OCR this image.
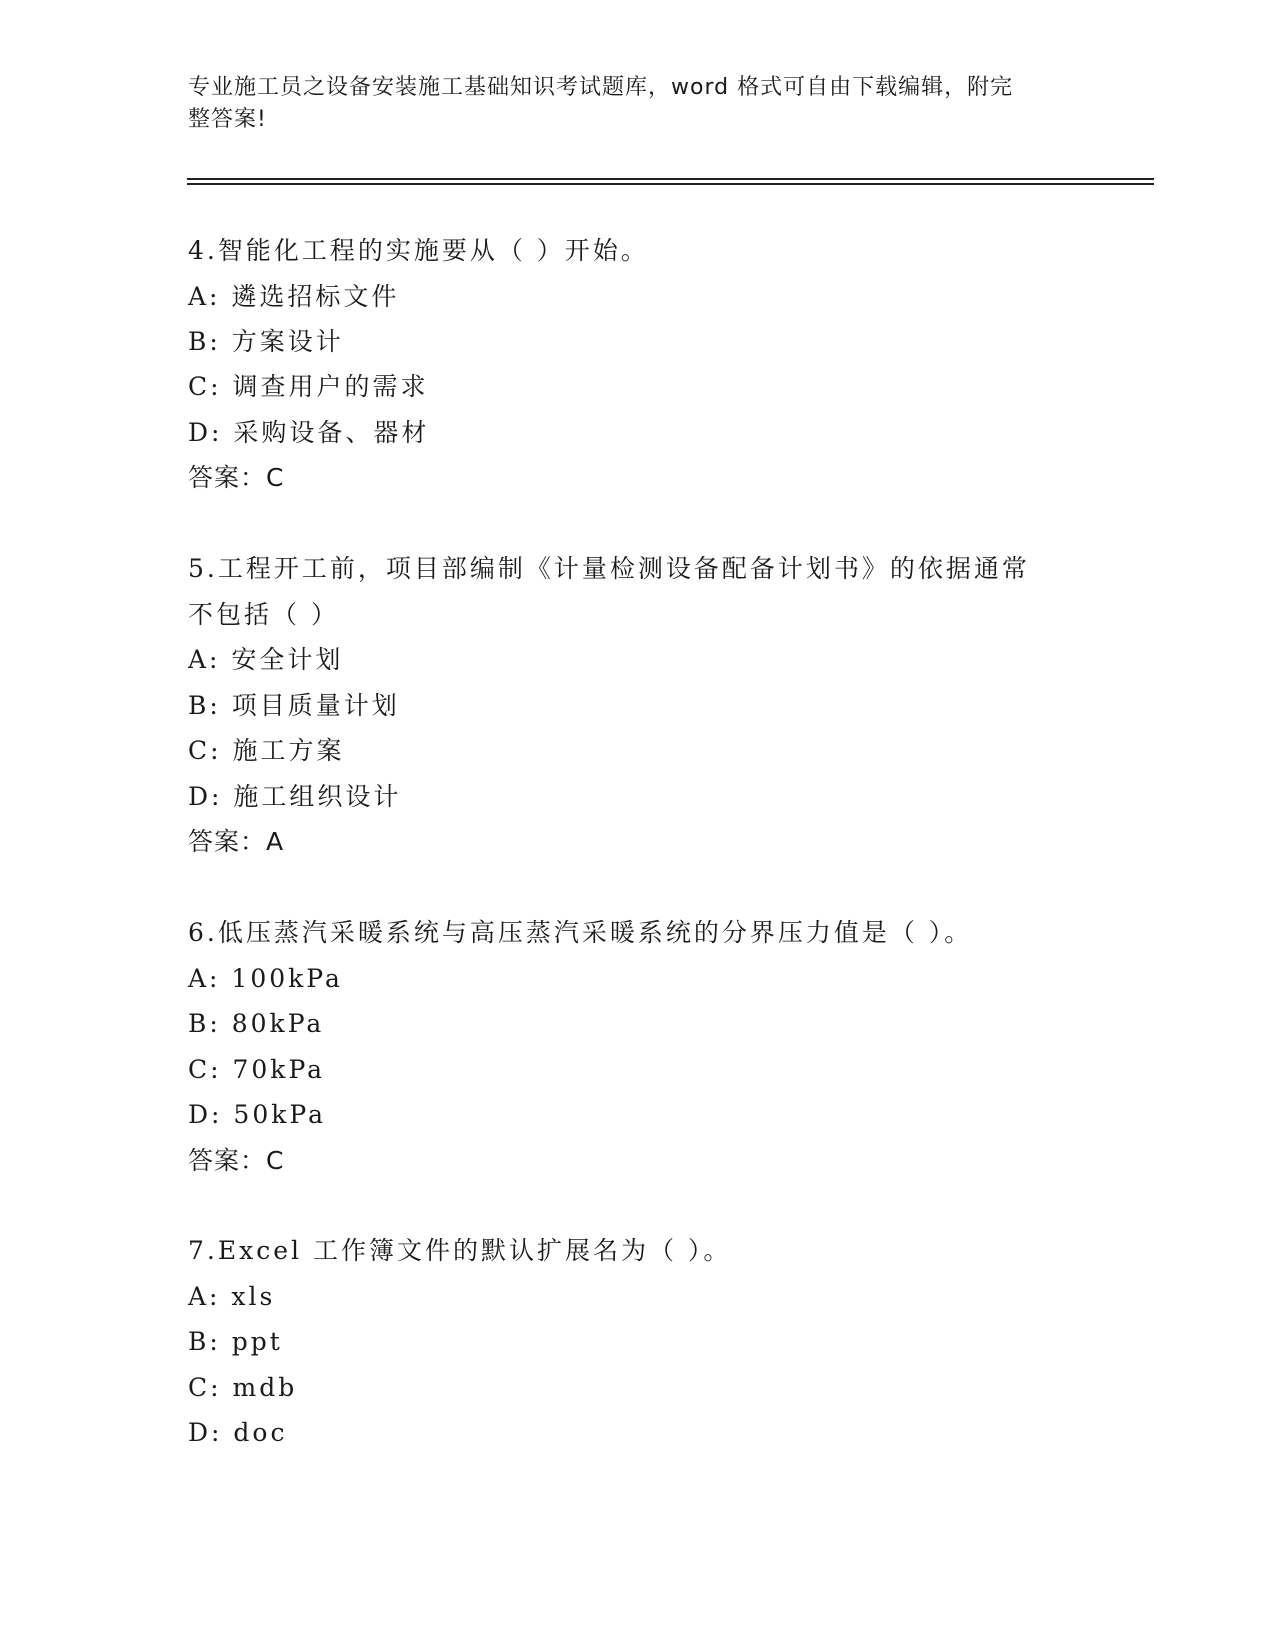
专业施工员之设备安装施工基础知识考试题库，word 格式可自由下载编辑，附完
整答案!
4.智能化工程的实施要从（ ）开始。
A: 遴选招标文件
B: 方案设计
C: 调查用户的需求
D: 采购设备、器材
答案：C
5.工程开工前，项目部编制《计量检测设备配备计划书》的依据通常
不包括（ ）
A: 安全计划
B: 项目质量计划
C: 施工方案
D: 施工组织设计
答案：A
6.低压蒸汽采暖系统与高压蒸汽采暖系统的分界压力值是（ ）。
A: 100kPa
B: 80kPa
C: 70kPa
D: 50kPa
答案：C
7.Excel 工作簿文件的默认扩展名为（ ）。
A: xls
B: ppt
C: mdb
D: doc
